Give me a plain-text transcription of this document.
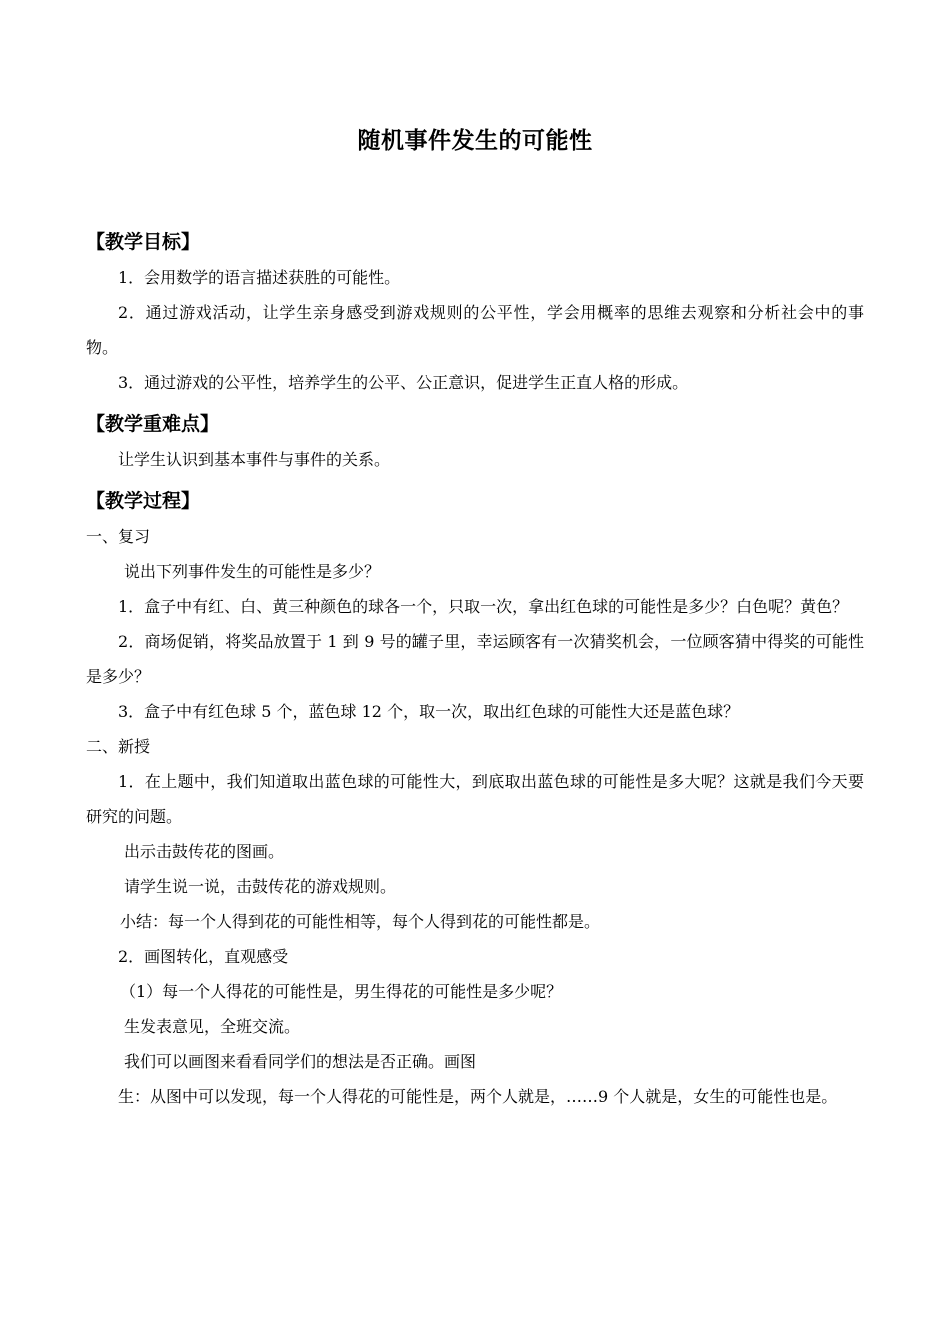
随机事件发生的可能性
【教学目标】
1．会用数学的语言描述获胜的可能性。
2．通过游戏活动，让学生亲身感受到游戏规则的公平性，学会用概率的思维去观察和分析社会中的事物。
3．通过游戏的公平性，培养学生的公平、公正意识，促进学生正直人格的形成。
【教学重难点】
让学生认识到基本事件与事件的关系。
【教学过程】
一、复习
说出下列事件发生的可能性是多少？
1．盒子中有红、白、黄三种颜色的球各一个，只取一次，拿出红色球的可能性是多少？白色呢？黄色？
2．商场促销，将奖品放置于 1 到 9 号的罐子里，幸运顾客有一次猜奖机会，一位顾客猜中得奖的可能性是多少？
3．盒子中有红色球 5 个，蓝色球 12 个，取一次，取出红色球的可能性大还是蓝色球？
二、新授
1．在上题中，我们知道取出蓝色球的可能性大，到底取出蓝色球的可能性是多大呢？这就是我们今天要研究的问题。
出示击鼓传花的图画。
请学生说一说，击鼓传花的游戏规则。
小结：每一个人得到花的可能性相等，每个人得到花的可能性都是。
2．画图转化，直观感受
（1）每一个人得花的可能性是，男生得花的可能性是多少呢？
生发表意见，全班交流。
我们可以画图来看看同学们的想法是否正确。画图
生：从图中可以发现，每一个人得花的可能性是，两个人就是，……9 个人就是，女生的可能性也是。
